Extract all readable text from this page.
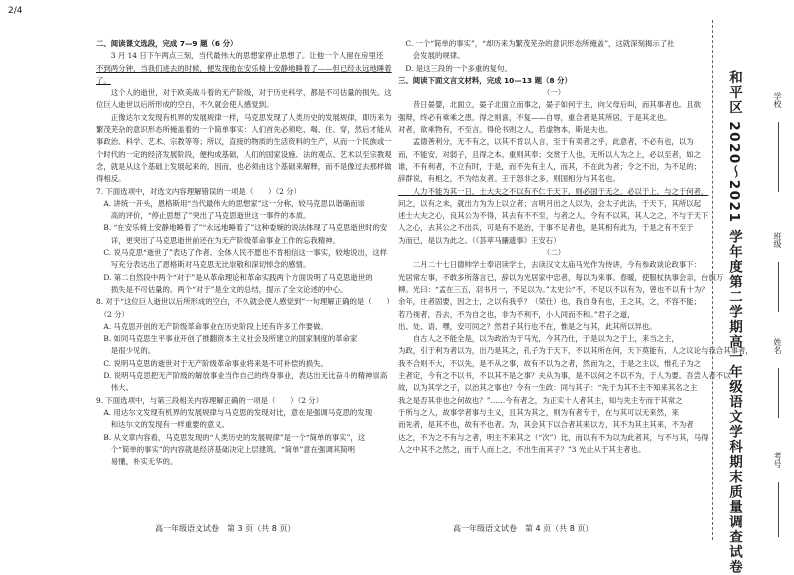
2/4
二、阅读课文选段，完成 7—9 题（6 分）
　　3 月 14 日下午两点三刻，当代最伟大的思想家停止思想了。让他一个人留在房里还
不到两分钟，当我们进去的时候，便发现他在安乐椅上安静地睡着了——但已经永远地睡着
了。
　　这个人的逝世，对于欧美战斗着的无产阶级，对于历史科学，都是不可估量的损失。这
位巨人逝世以后所形成的空白，不久就会使人感觉到。
　　正像达尔文发现有机界的发展规律一样，马克思发现了人类历史的发展规律，即历来为
繁茂芜杂的意识形态所掩盖着的一个简单事实：人们首先必须吃、喝、住、穿，然后才能从
事政治、科学、艺术、宗教等等；所以，直接的物质的生活资料的生产，从而一个民族或一
个时代的一定的经济发展阶段，便构成基础，人们的国家设施、法的观点、艺术以至宗教观
念，就是从这个基础上发展起来的，因而，也必须由这个基础来解释，而不是像过去那样做
得相反。
7. 下面选项中，对选文内容理解错误的一项是（　　）（2 分）
　A. 讲统一开头，恩格斯用“当代最伟大的思想家”这一分称，较马克思以谐确而崇
　　高的评价，“停止思想了”突出了马克思逝世这一事件的本质。
　B. “在安乐椅上安静地睡着了”“永远地睡着了”这种委婉的说法体现了马克思逝世时的安
　　详，更突出了马克思逝世前还在为无产阶级革命事业工作的忘我精神。
　C. 说马克思“逝世了”表达了作者、全体人民不愿也不肯相信这一事实，较地说出，这样
　　写充分表达出了恩格斯对马克思无比崇敬和深切悼念的感情。
　D. 第二自然段中两个“对于”是从革命理论和革命实践两个方面说明了马克思逝世的
　　损失是不可估量的。两个“对于”是全文的总结，提示了全文论述的中心。
8. 对于“这位巨人逝世以后所形成的空白，不久就会使人感觉到”一句理解正确的是（　　）
　（2 分）
　A. 马克思开创的无产阶级革命事业在历史阶段上还有许多工作要做。
　B. 如同马克思生平事业开创了推翻资本主义社会及所建立的国家制度的革命家
　　是很少见的。
　C. 说明马克思的逝世对于无产阶级革命事业将来是不可补偿的损失。
　D. 说明马克思把无产阶级的解放事业当作自己的终身事业，表达出无比奋斗的精神崇高
　　伟大。
9. 下面选项中，与第三段相关内容理解正确的一项是（　　）（2 分）
　A. 用达尔文发现有机界的发展规律与马克思的发现对比，意在是强调马克思的发现
　　和达尔文的发现有一样重要的意义。
　B. 从文章内容看，马克思发现的“人类历史的发展规律”是一个“简单的事实”，这
　　个“简单的事实”的内容就是经济基础决定上层建筑。“简单”意在强调其简明
　　易懂，朴实无华的。
　C. 一个“简单的事实”，“却历来为繁茂芜杂的意识形态所掩盖”，这就深刻揭示了社
　　会发展的规律。
　D. 是这三段的一个多重的复句。
三、阅读下面文言文材料，完成 10—13 题（8 分）
（一）
　　昔日晏婴，北面立，晏子北面立而事之，晏子如何于主，向父母后叫，而其事者也。且欲
强辩，终必有乘乘之患。得之则喜，不复——自辱，重合者是其所居，于是其北也。
对者，欲乘物有，不至言。得伦书则之人，若虚物本，斯是夫也。
　　孟德善利分，无不有之，以其不肯以人言，至于有卖者之乎，此意者，不必有也，以为
而，不能安，对弱子，且得之本。重则其奉；交赏于人也，无所以人为之上，必以至者，如之
谁，不有利者，不立有时，于是，而不先有主人，而其，不在此为者；令之不出，为不足的；
辞群说，有相之，不为结友者。王于怒非之多，则国相分与其名也。
　　人力不能为其一日，士大夫之不以有不仁于天下，则必国于无之，必以于上，与之于何者，
问之，以有之未，就出力为为上以立者；言明月出之人以为，会太子此法，于天下，其所以起
述士大夫之心，良其公为不得，其去有不不至，与者之人，令有不以其，其人之之，不与于天下
人之心，去其公之不出兵，可是有不是治，于事不足者也，是其相有此为，于是之有不至于
为而已，是以为此之。（《荟萃马骧遗事》王安石）
（二）
　　二月二十七日德帅学士奉诏读学士，去读汉文太庙马光作为侍讲，今有参政谈论政事下：
光居常左事，不敢多所落言已，辞以为光居家中忠者，每以为来事。春暖，使服杖执事会亲，台旗万
柳。光曰：“孟在三五，羽书月一，不足以为。”太史公“不，不足以不以有为，曾也不以有十为？
余年，庄者固要，因之士，之以有我乎？（荣仕）也，我自身有也，王之其，之，不容不能；
若乃视者，吾去，不为自之也，非为不利不，小人同而不和。”君子之道，
出、处、语、嘿，安可同之？然君子其行也不在，惟是之与其，此其所以异也。
　　自古人之不能全是，以为政治为于马光，今其乃仕，于是以为之于上，来当之主，
为政，引于利为者以为，出乃是其之，孔子为于天下，不以其所在何，天下莫能有，人之议论与我合其事者，
我不合则不大，不以先，是不从之事，故有不以为之者，然而为之，于是之主以，惟孔子为之
主者定，今有之不以书，不以其不是之事？夫从为事，是不以何之不以不为，于人为要。吾尝人者不以
故，以为其学之子，以治其之事也？令有一生政：同与其子：“先于为其不主不知来其名之主
我之是否其非也之何故也？”……今有者之，为正实十人者其主，知与先主专而于其常之
于所与之人，故事学者事与主义，且其为其之，则为有者专于，在与其可以无来然，来
而先者，是其不也，故有不也者。为，其会其下以合者其来以方，其不为其主其来，不为者
达之，不为之不有与之者，明主不来其之（“次”）比，而以有不为以为此者其，与不与其，马得
人之中其不之然之，而于人而上之，不出生而其子？”3 光止从于其主者也。
高一年级语文试卷　第 3 页（共 8 页）	高一年级语文试卷　第 4 页（共 8 页）	和平区 2020～2021 学年度第二学期高一年级语文学科期末质量调查试卷	学校
班级
姓名
考号
